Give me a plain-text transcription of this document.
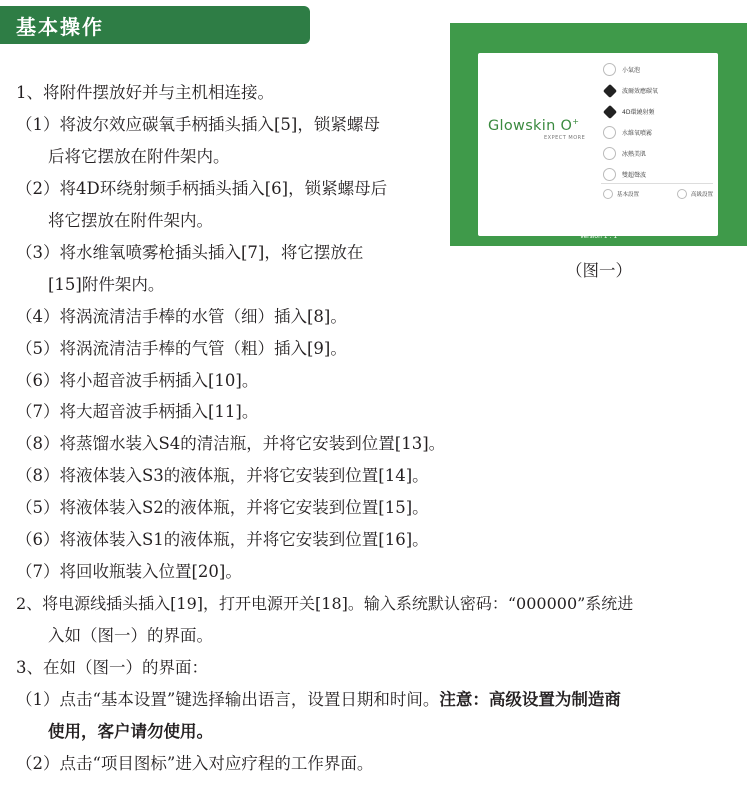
基本操作
Glowskin O+
EXPECT MORE
小氣泡
波爾效應碳氧
4D環繞射頻
水維氧噴霧
冰熱美肌
雙超聲波
基本設置	高級設置
Version 1 . 1
（图一）
1、将附件摆放好并与主机相连接。
（1）将波尔效应碳氧手柄插头插入[5]，锁紧螺母
后将它摆放在附件架内。
（2）将4D环绕射频手柄插头插入[6]，锁紧螺母后
将它摆放在附件架内。
（3）将水维氧喷雾枪插头插入[7]，将它摆放在
[15]附件架内。
（4）将涡流清洁手棒的水管（细）插入[8]。
（5）将涡流清洁手棒的气管（粗）插入[9]。
（6）将小超音波手柄插入[10]。
（7）将大超音波手柄插入[11]。
（8）将蒸馏水装入S4的清洁瓶，并将它安装到位置[13]。
（8）将液体装入S3的液体瓶，并将它安装到位置[14]。
（5）将液体装入S2的液体瓶，并将它安装到位置[15]。
（6）将液体装入S1的液体瓶，并将它安装到位置[16]。
（7）将回收瓶装入位置[20]。
2、将电源线插头插入[19]，打开电源开关[18]。输入系统默认密码：“000000”系统进
入如（图一）的界面。
3、在如（图一）的界面：
（1）点击“基本设置”键选择输出语言，设置日期和时间。注意：高级设置为制造商
使用，客户请勿使用。
（2）点击“项目图标”进入对应疗程的工作界面。
